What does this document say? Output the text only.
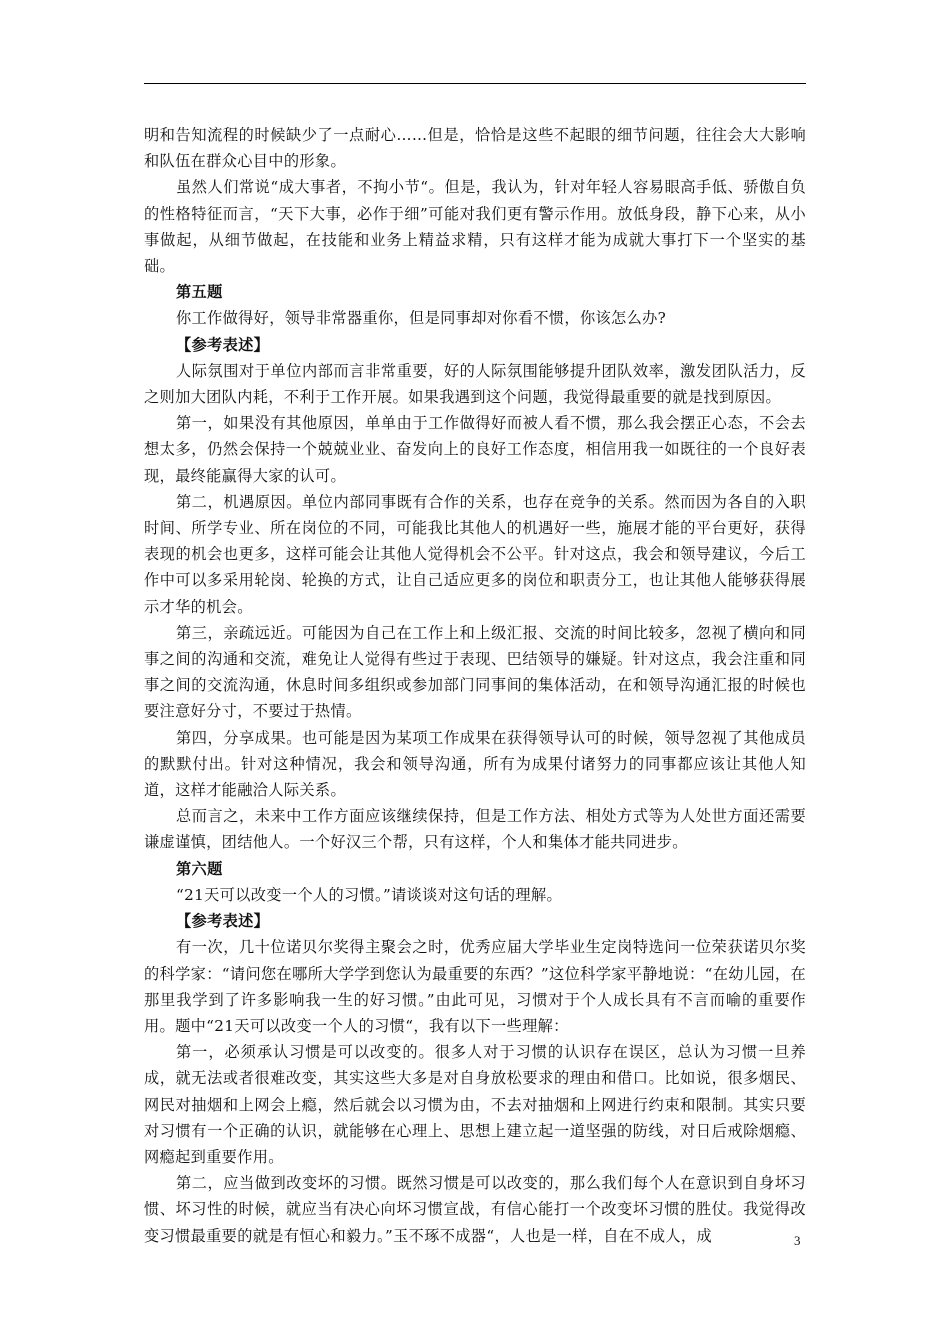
明和告知流程的时候缺少了一点耐心……但是，恰恰是这些不起眼的细节问题，往往会大大影响和队伍在群众心目中的形象。

虽然人们常说“成大事者，不拘小节“。但是，我认为，针对年轻人容易眼高手低、骄傲自负的性格特征而言，“天下大事，必作于细”可能对我们更有警示作用。放低身段，静下心来，从小事做起，从细节做起，在技能和业务上精益求精，只有这样才能为成就大事打下一个坚实的基础。

第五题

你工作做得好，领导非常器重你，但是同事却对你看不惯，你该怎么办?

【参考表述】

人际氛围对于单位内部而言非常重要，好的人际氛围能够提升团队效率，激发团队活力，反之则加大团队内耗，不利于工作开展。如果我遇到这个问题，我觉得最重要的就是找到原因。

第一，如果没有其他原因，单单由于工作做得好而被人看不惯，那么我会摆正心态，不会去想太多，仍然会保持一个兢兢业业、奋发向上的良好工作态度，相信用我一如既往的一个良好表现，最终能赢得大家的认可。

第二，机遇原因。单位内部同事既有合作的关系，也存在竞争的关系。然而因为各自的入职时间、所学专业、所在岗位的不同，可能我比其他人的机遇好一些，施展才能的平台更好，获得表现的机会也更多，这样可能会让其他人觉得机会不公平。针对这点，我会和领导建议，今后工作中可以多采用轮岗、轮换的方式，让自己适应更多的岗位和职责分工，也让其他人能够获得展示才华的机会。

第三，亲疏远近。可能因为自己在工作上和上级汇报、交流的时间比较多，忽视了横向和同事之间的沟通和交流，难免让人觉得有些过于表现、巴结领导的嫌疑。针对这点，我会注重和同事之间的交流沟通，休息时间多组织或参加部门同事间的集体活动，在和领导沟通汇报的时候也要注意好分寸，不要过于热情。

第四，分享成果。也可能是因为某项工作成果在获得领导认可的时候，领导忽视了其他成员的默默付出。针对这种情况，我会和领导沟通，所有为成果付诸努力的同事都应该让其他人知道，这样才能融洽人际关系。

总而言之，未来中工作方面应该继续保持，但是工作方法、相处方式等为人处世方面还需要谦虚谨慎，团结他人。一个好汉三个帮，只有这样，个人和集体才能共同进步。

第六题

“21天可以改变一个人的习惯。”请谈谈对这句话的理解。

【参考表述】

有一次，几十位诺贝尔奖得主聚会之时，优秀应届大学毕业生定岗特选问一位荣获诺贝尔奖的科学家：“请问您在哪所大学学到您认为最重要的东西？”这位科学家平静地说：“在幼儿园，在那里我学到了许多影响我一生的好习惯。”由此可见，习惯对于个人成长具有不言而喻的重要作用。题中“21天可以改变一个人的习惯“，我有以下一些理解：

第一，必须承认习惯是可以改变的。很多人对于习惯的认识存在误区，总认为习惯一旦养成，就无法或者很难改变，其实这些大多是对自身放松要求的理由和借口。比如说，很多烟民、网民对抽烟和上网会上瘾，然后就会以习惯为由，不去对抽烟和上网进行约束和限制。其实只要对习惯有一个正确的认识，就能够在心理上、思想上建立起一道坚强的防线，对日后戒除烟瘾、网瘾起到重要作用。

第二，应当做到改变坏的习惯。既然习惯是可以改变的，那么我们每个人在意识到自身坏习惯、坏习性的时候，就应当有决心向坏习惯宣战，有信心能打一个改变坏习惯的胜仗。我觉得改变习惯最重要的就是有恒心和毅力。”玉不琢不成器“，人也是一样，自在不成人，成	3
